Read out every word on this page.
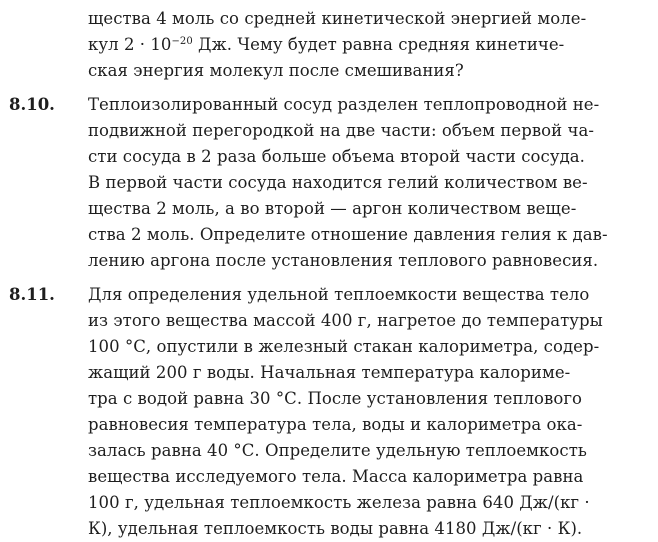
щества 4 моль со средней кинетической энергией моле-
кул $2 \cdot 10^{-20}$ Дж. Чему будет равна средняя кинетиче-
ская энергия молекул после смешивания?
8.10. Теплоизолированный сосуд разделен теплопроводной не-
подвижной перегородкой на две части: объем первой ча-
сти сосуда в 2 раза больше объема второй части сосуда.
В первой части сосуда находится гелий количеством ве-
щества 2 моль, а во второй — аргон количеством веще-
ства 2 моль. Определите отношение давления гелия к дав-
лению аргона после установления теплового равновесия.
8.11. Для определения удельной теплоемкости вещества тело
из этого вещества массой 400 г, нагретое до температуры
100 °С, опустили в железный стакан калориметра, содер-
жащий 200 г воды. Начальная температура калориме-
тра с водой равна 30 °С. После установления теплового
равновесия температура тела, воды и калориметра ока-
залась равна 40 °С. Определите удельную теплоемкость
вещества исследуемого тела. Масса калориметра равна
100 г, удельная теплоемкость железа равна 640 Дж/(кг ·
К), удельная теплоемкость воды равна 4180 Дж/(кг · К).
